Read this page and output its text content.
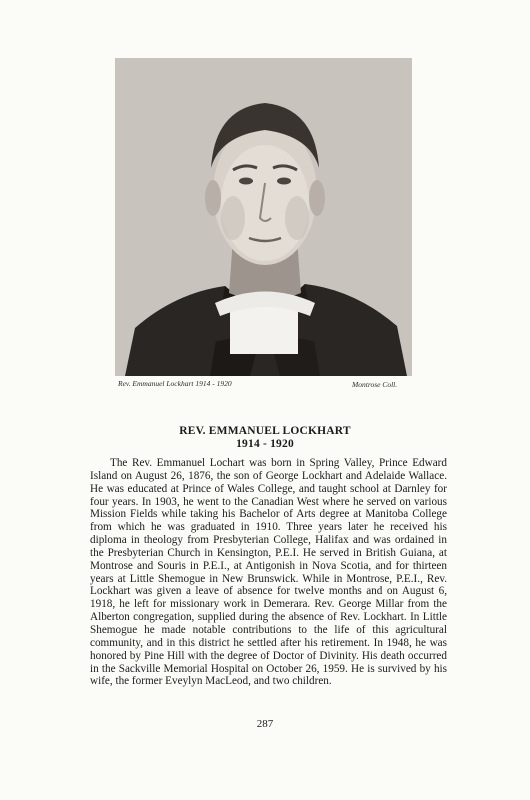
Rev. Emmanuel Lockhart 1914 - 1920	Montrose Coll.
REV. EMMANUEL LOCKHART
1914 - 1920

The Rev. Emmanuel Lochart was born in Spring Valley, Prince Edward Island on August 26, 1876, the son of George Lockhart and Adelaide Wallace. He was educated at Prince of Wales College, and taught school at Darnley for four years. In 1903, he went to the Canadian West where he served on various Mission Fields while taking his Bachelor of Arts degree at Manitoba College from which he was graduated in 1910. Three years later he received his diploma in theology from Presbyterian College, Halifax and was ordained in the Presbyterian Church in Kensington, P.E.I. He served in British Guiana, at Montrose and Souris in P.E.I., at Antigonish in Nova Scotia, and for thirteen years at Little Shemogue in New Brunswick. While in Montrose, P.E.I., Rev. Lockhart was given a leave of absence for twelve months and on August 6, 1918, he left for missionary work in Demerara. Rev. George Millar from the Alberton congregation, supplied during the absence of Rev. Lockhart. In Little Shemogue he made notable contributions to the life of this agricultural community, and in this district he settled after his retirement. In 1948, he was honored by Pine Hill with the degree of Doctor of Divinity. His death occurred in the Sackville Memorial Hospital on October 26, 1959. He is survived by his wife, the former Eveylyn MacLeod, and two children.

287
